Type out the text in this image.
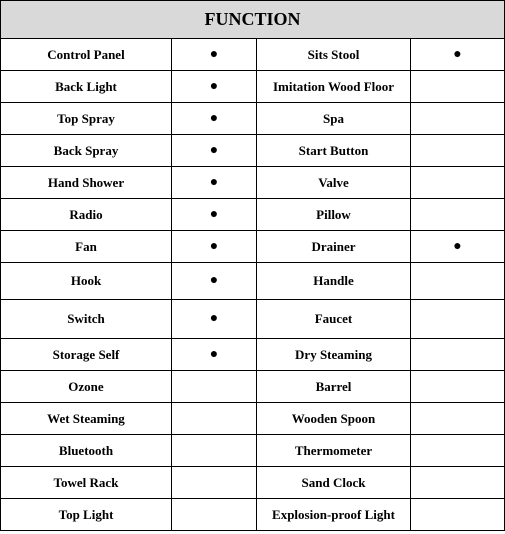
FUNCTION			
Control Panel	●	Sits Stool	●
Back Light	●	Imitation Wood Floor	
Top Spray	●	Spa	
Back Spray	●	Start Button	
Hand Shower	●	Valve	
Radio	●	Pillow	
Fan	●	Drainer	●
Hook	●	Handle	
Switch	●	Faucet	
Storage Self	●	Dry Steaming	
Ozone		Barrel	
Wet Steaming		Wooden Spoon	
Bluetooth		Thermometer	
Towel Rack		Sand Clock	
Top Light		Explosion-proof Light	
